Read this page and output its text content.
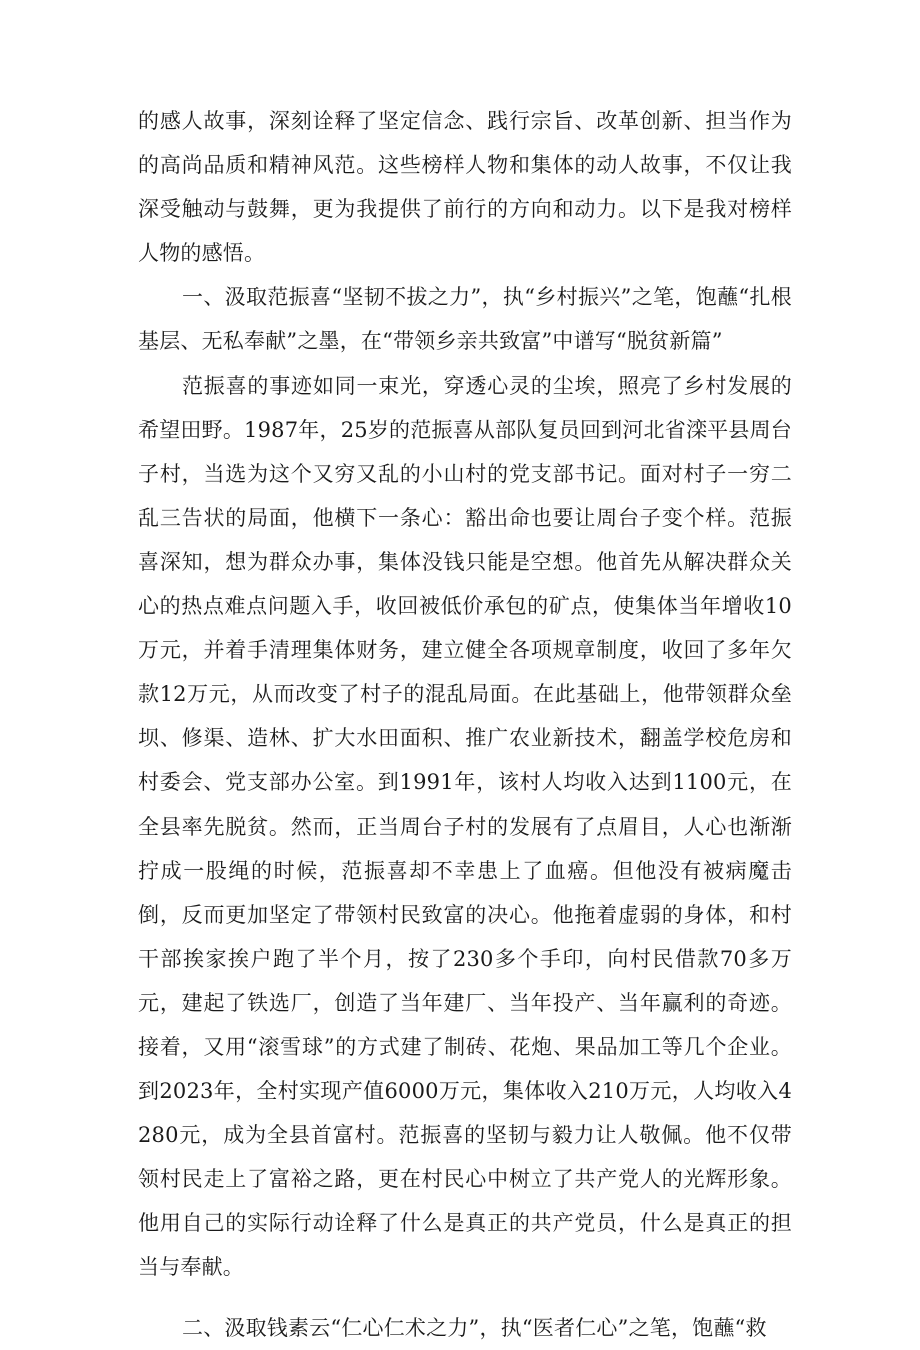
的感人故事，深刻诠释了坚定信念、践行宗旨、改革创新、担当作为的高尚品质和精神风范。这些榜样人物和集体的动人故事，不仅让我深受触动与鼓舞，更为我提供了前行的方向和动力。以下是我对榜样人物的感悟。

一、汲取范振喜“坚韧不拔之力”，执“乡村振兴”之笔，饱蘸“扎根基层、无私奉献”之墨，在“带领乡亲共致富”中谱写“脱贫新篇”

范振喜的事迹如同一束光，穿透心灵的尘埃，照亮了乡村发展的希望田野。1987年，25岁的范振喜从部队复员回到河北省滦平县周台子村，当选为这个又穷又乱的小山村的党支部书记。面对村子一穷二乱三告状的局面，他横下一条心：豁出命也要让周台子变个样。范振喜深知，想为群众办事，集体没钱只能是空想。他首先从解决群众关心的热点难点问题入手，收回被低价承包的矿点，使集体当年增收10万元，并着手清理集体财务，建立健全各项规章制度，收回了多年欠款12万元，从而改变了村子的混乱局面。在此基础上，他带领群众垒坝、修渠、造林、扩大水田面积、推广农业新技术，翻盖学校危房和村委会、党支部办公室。到1991年，该村人均收入达到1100元，在全县率先脱贫。然而，正当周台子村的发展有了点眉目，人心也渐渐拧成一股绳的时候，范振喜却不幸患上了血癌。但他没有被病魔击倒，反而更加坚定了带领村民致富的决心。他拖着虚弱的身体，和村干部挨家挨户跑了半个月，按了230多个手印，向村民借款70多万元，建起了铁选厂，创造了当年建厂、当年投产、当年赢利的奇迹。接着，又用“滚雪球”的方式建了制砖、花炮、果品加工等几个企业。到2023年，全村实现产值6000万元，集体收入210万元，人均收入4280元，成为全县首富村。范振喜的坚韧与毅力让人敬佩。他不仅带领村民走上了富裕之路，更在村民心中树立了共产党人的光辉形象。他用自己的实际行动诠释了什么是真正的共产党员，什么是真正的担当与奉献。

二、汲取钱素云“仁心仁术之力”，执“医者仁心”之笔，饱蘸“救
